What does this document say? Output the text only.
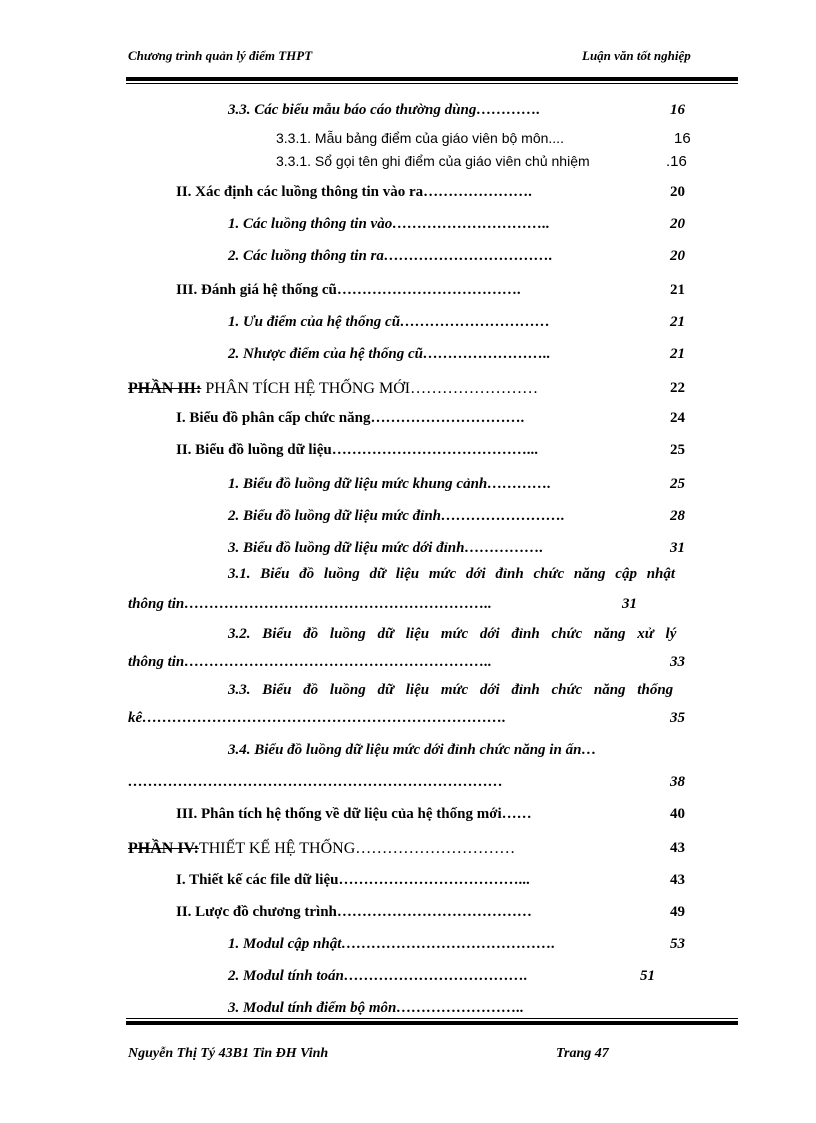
Chương trình quản lý điểm THPT	Luận văn tốt nghiệp
3.3. Các biểu mẫu báo cáo thường dùng………….	16
3.3.1. Mẫu bảng điểm của giáo viên bộ môn....	16
3.3.1. Sổ gọi tên ghi điểm của giáo viên chủ nhiệm	.16
II. Xác định các luồng thông tin vào ra………………….	20
1. Các luồng thông tin vào…………………………..	20
2. Các luồng thông tin ra…………………………….	20
III. Đánh giá hệ thống cũ……………………………….	21
1. Ưu điểm của hệ thống cũ…………………………	21
2. Nhược điểm của hệ thống cũ……………………..	21
PHẦN III: PHÂN TÍCH HỆ THỐNG MỚI……………………	22
I. Biểu đồ phân cấp chức năng………………………….	24
II. Biểu đồ luồng dữ liệu…………………………………...	25
1. Biểu đồ luồng dữ liệu mức khung cảnh………….	25
2. Biểu đồ luồng dữ liệu mức đỉnh…………………….	28
3. Biểu đồ luồng dữ liệu mức dới đỉnh…………….	31
3.1. Biểu đồ luồng dữ liệu mức dới đỉnh chức năng cập nhật
thông tin……………………………………………………..	31
3.2. Biểu đồ luồng dữ liệu mức dới đỉnh chức năng xử lý
thông tin……………………………………………………..	33
3.3. Biểu đồ luồng dữ liệu mức dới đỉnh chức năng thống
kê……………………………………………………………….	35
3.4. Biểu đồ luồng dữ liệu mức dới đỉnh chức năng in ấn…
…………………………………………………………………	38
III. Phân tích hệ thống về dữ liệu của hệ thống mới……	40
PHẦN IV:THIẾT KẾ HỆ THỐNG…………………………	43
I. Thiết kế các file dữ liệu………………………………...	43
II. Lược đồ chương trình…………………………………	49
1. Modul cập nhật…………………………………….	53
2. Modul tính toán……………………………….	51
3. Modul tính điểm bộ môn……………………..
Nguyễn Thị Tý 43B1 Tin ĐH Vinh	Trang 47
